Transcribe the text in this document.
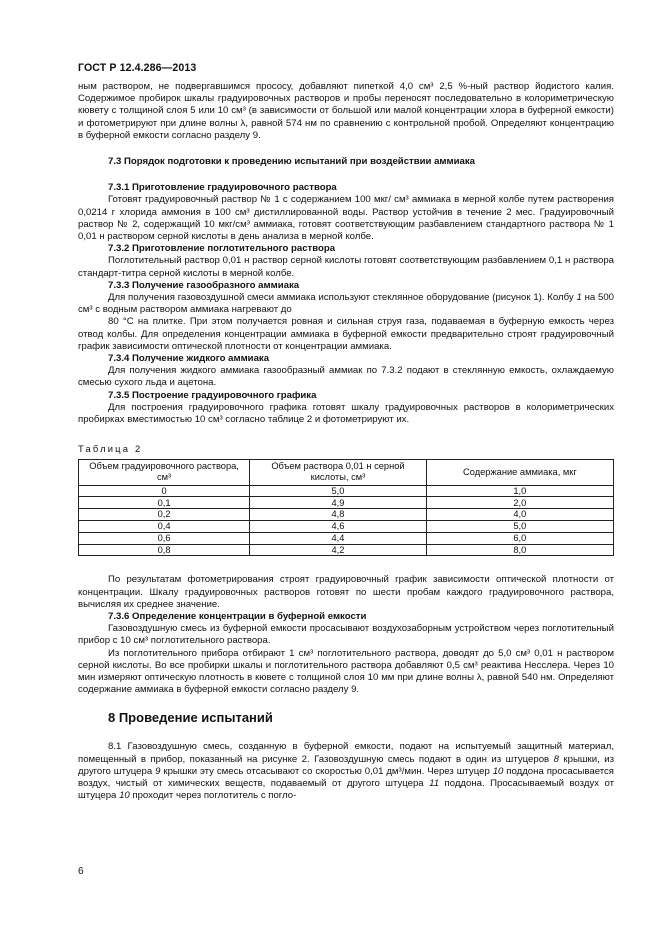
ГОСТ Р 12.4.286—2013

ным раствором, не подвергавшимся прососу, добавляют пипеткой 4,0 см³ 2,5 %-ный раствор йодистого калия. Содержимое пробирок шкалы градуировочных растворов и пробы переносят последовательно в колориметрическую кювету с толщиной слоя 5 или 10 см³ (в зависимости от большой или малой концентрации хлора в буферной емкости) и фотометрируют при длине волны λ, равной 574 нм по сравнению с контрольной пробой. Определяют концентрацию в буферной емкости согласно разделу 9.

7.3 Порядок подготовки к проведению испытаний при воздействии аммиака

7.3.1 Приготовление градуировочного раствора

Готовят градуировочный раствор № 1 с содержанием 100 мкг/ см³ аммиака в мерной колбе путем растворения 0,0214 г хлорида аммония в 100 см³ дистиллированной воды. Раствор устойчив в течение 2 мес. Градуировочный раствор № 2, содержащий 10 мкг/см³ аммиака, готовят соответствующим разбавлением стандартного раствора № 1 0,01 н раствором серной кислоты в день анализа в мерной колбе.

7.3.2 Приготовление поглотительного раствора

Поглотительный раствор 0,01 н раствор серной кислоты готовят соответствующим разбавлением 0,1 н раствора стандарт-титра серной кислоты в мерной колбе.

7.3.3 Получение газообразного аммиака

Для получения газовоздушной смеси аммиака используют стеклянное оборудование (рисунок 1). Колбу 1 на 500 см³ с водным раствором аммиака нагревают до

80 °С на плитке. При этом получается ровная и сильная струя газа, подаваемая в буферную емкость через отвод колбы. Для определения концентрации аммиака в буферной емкости предварительно строят градуировочный график зависимости оптической плотности от концентрации аммиака.

7.3.4 Получение жидкого аммиака

Для получения жидкого аммиака газообразный аммиак по 7.3.2 подают в стеклянную емкость, охлаждаемую смесью сухого льда и ацетона.

7.3.5 Построение градуировочного графика

Для построения градуировочного графика готовят шкалу градуировочных растворов в колориметрических пробирках вместимостью 10 см³ согласно таблице 2 и фотометрируют их.

Таблица 2

Объем градуировочного раствора, см³	Объем раствора 0,01 н серной кислоты, см³	Содержание аммиака, мкг
0	5,0	1,0
0,1	4,9	2,0
0,2	4,8	4,0
0,4	4,6	5,0
0,6	4,4	6,0
0,8	4,2	8,0

По результатам фотометрирования строят градуировочный график зависимости оптической плотности от концентрации. Шкалу градуировочных растворов готовят по шести пробам каждого градуировочного раствора, вычисляя их среднее значение.

7.3.6 Определение концентрации в буферной емкости

Газовоздушную смесь из буферной емкости просасывают воздухозаборным устройством через поглотительный прибор с 10 см³ поглотительного раствора.

Из поглотительного прибора отбирают 1 см³ поглотительного раствора, доводят до 5,0 см³ 0,01 н раствором серной кислоты. Во все пробирки шкалы и поглотительного раствора добавляют 0,5 см³ реактива Несслера. Через 10 мин измеряют оптическую плотность в кювете с толщиной слоя 10 мм при длине волны λ, равной 540 нм. Определяют содержание аммиака в буферной емкости согласно разделу 9.

8 Проведение испытаний

8.1 Газовоздушную смесь, созданную в буферной емкости, подают на испытуемый защитный материал, помещенный в прибор, показанный на рисунке 2. Газовоздушную смесь подают в один из штуцеров 8 крышки, из другого штуцера 9 крышки эту смесь отсасывают со скоростью 0,01 дм³/мин. Через штуцер 10 поддона просасывается воздух, чистый от химических веществ, подаваемый от другого штуцера 11 поддона. Просасываемый воздух от штуцера 10 проходит через поглотитель с погло-

6
